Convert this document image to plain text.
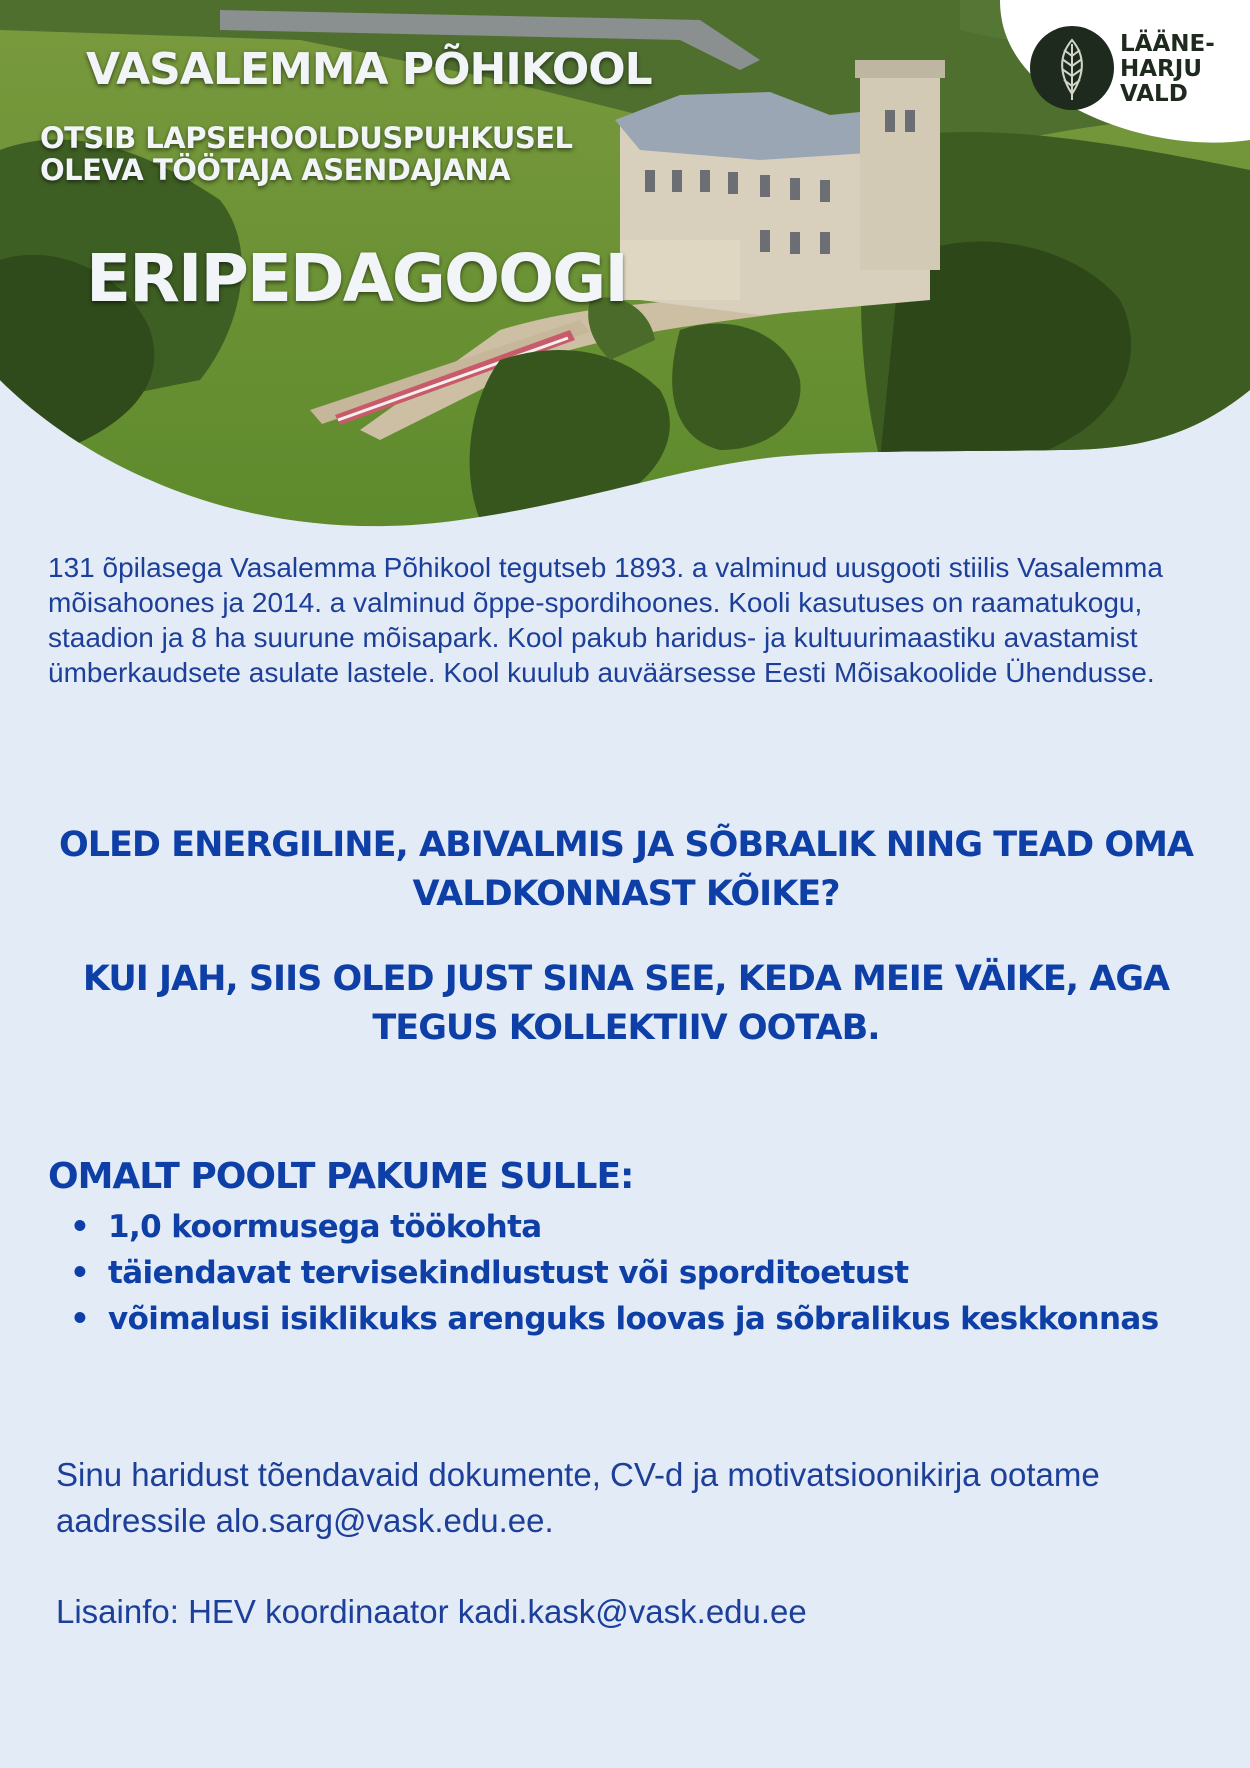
VASALEMMA PÕHIKOOL
OTSIB LAPSEHOOLDUSPUHKUSEL
OLEVA TÖÖTAJA ASENDAJANA
ERIPEDAGOOGI
LÄÄNE-
HARJU
VALD

131 õpilasega Vasalemma Põhikool tegutseb 1893. a valminud uusgooti stiilis Vasalemma mõisahoones ja 2014. a valminud õppe-spordihoones. Kooli kasutuses on raamatukogu, staadion ja 8 ha suurune mõisapark. Kool pakub haridus- ja kultuurimaastiku avastamist ümberkaudsete asulate lastele. Kool kuulub auväärsesse Eesti Mõisakoolide Ühendusse.

OLED ENERGILINE, ABIVALMIS JA SÕBRALIK NING TEAD OMA VALDKONNAST KÕIKE?

KUI JAH, SIIS OLED JUST SINA SEE, KEDA MEIE VÄIKE, AGA TEGUS KOLLEKTIIV OOTAB.

OMALT POOLT PAKUME SULLE:
• 1,0 koormusega töökohta
• täiendavat tervisekindlustust või sporditoetust
• võimalusi isiklikuks arenguks loovas ja sõbralikus keskkonnas

Sinu haridust tõendavaid dokumente, CV-d ja motivatsioonikirja ootame aadressile alo.sarg@vask.edu.ee.

Lisainfo: HEV koordinaator kadi.kask@vask.edu.ee
